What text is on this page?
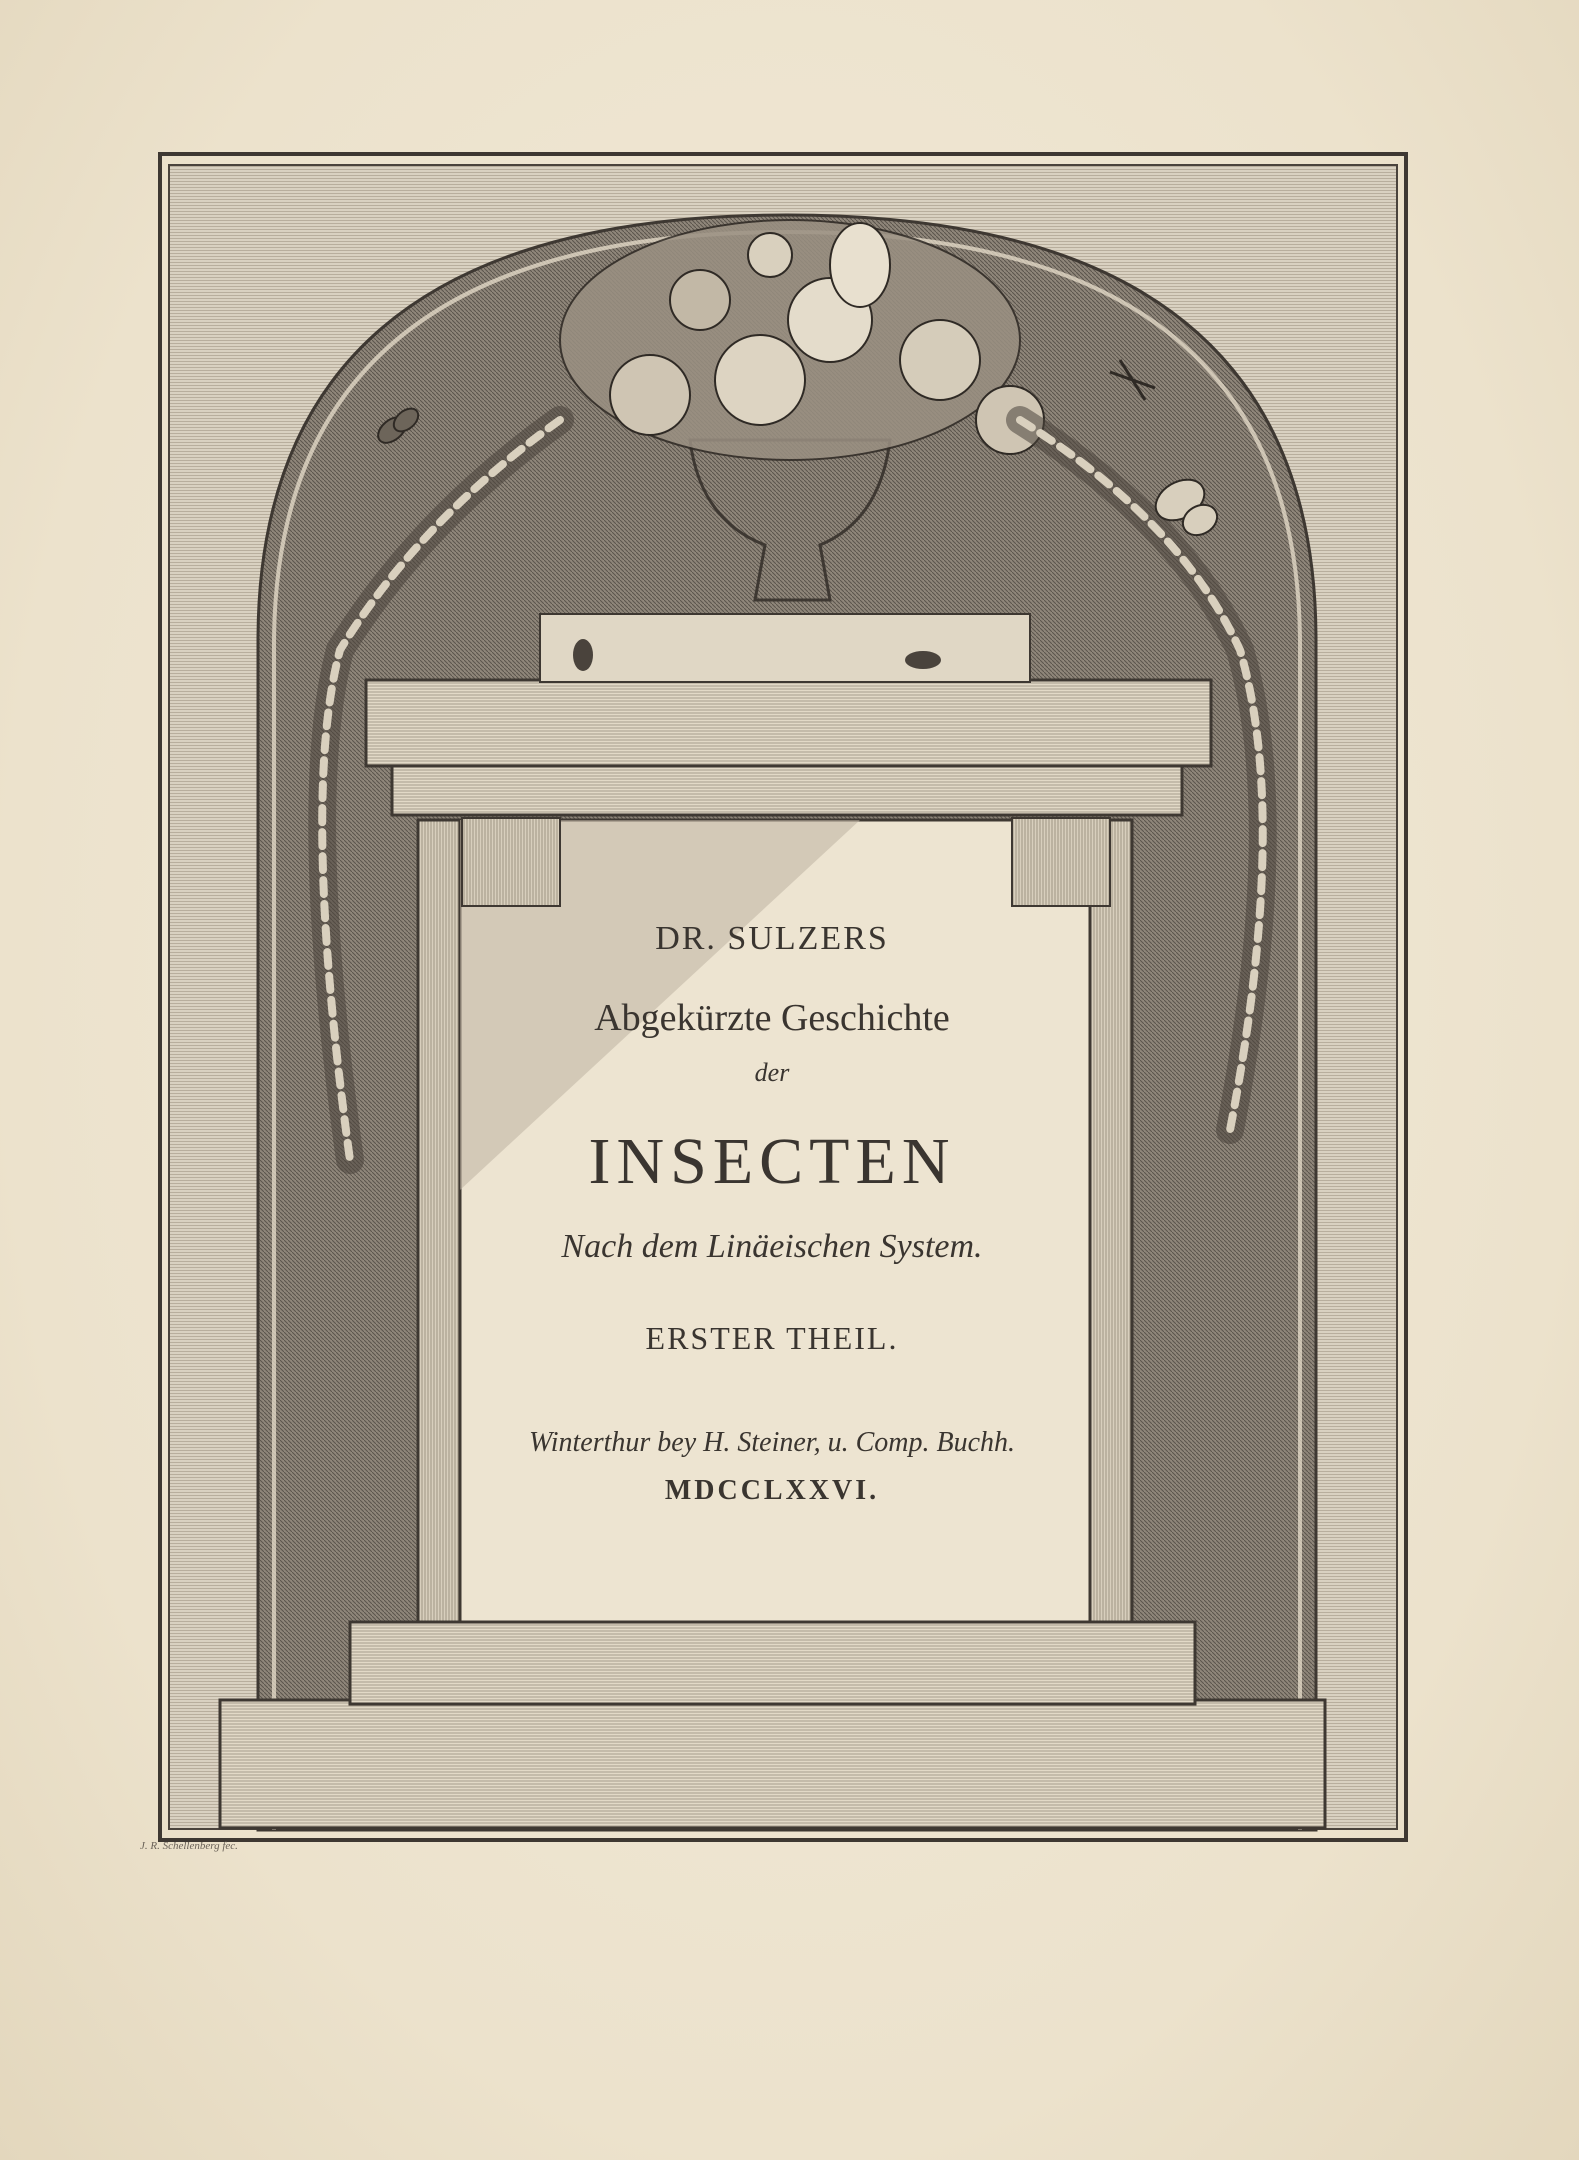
DR. SULZERS
Abgekürzte Geschichte
der
INSECTEN
Nach dem Linäeischen System.
ERSTER THEIL.
Winterthur bey H. Steiner, u. Comp. Buchh.
MDCCLXXVI.
J. R. Schellenberg fec.
